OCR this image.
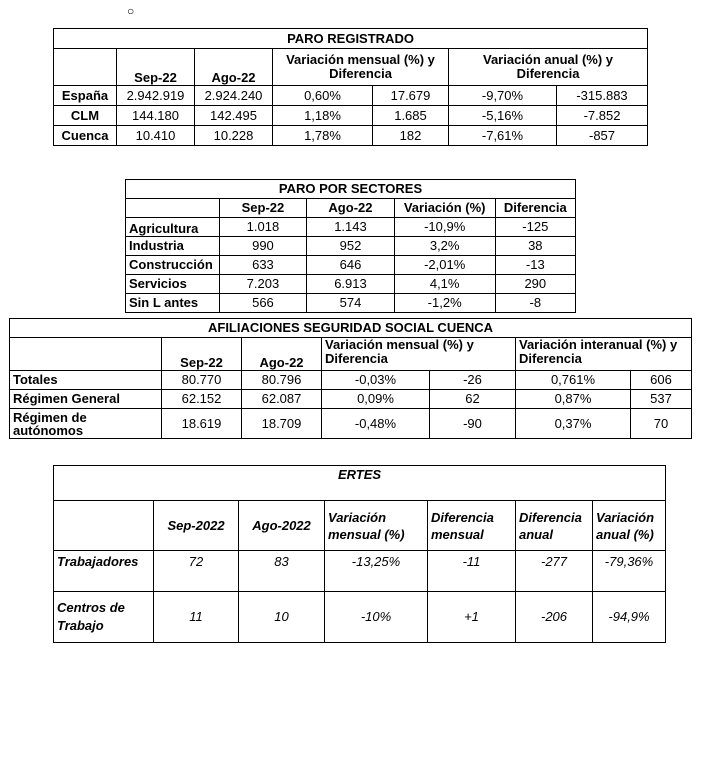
○
PARO REGISTRADO						
	Sep-22	Ago-22	Variación mensual (%) y Diferencia		Variación anual (%) y Diferencia	
España	2.942.919	2.924.240	0,60%	17.679	-9,70%	-315.883
CLM	144.180	142.495	1,18%	1.685	-5,16%	-7.852
Cuenca	10.410	10.228	1,78%	182	-7,61%	-857
PARO POR SECTORES				
	Sep-22	Ago-22	Variación (%)	Diferencia
Agricultura	1.018	1.143	-10,9%	-125
Industria	990	952	3,2%	38
Construcción	633	646	-2,01%	-13
Servicios	7.203	6.913	4,1%	290
Sin L antes	566	574	-1,2%	-8
AFILIACIONES SEGURIDAD SOCIAL CUENCA						
	Sep-22	Ago-22	Variación mensual (%) y Diferencia		Variación interanual (%) y Diferencia	
Totales	80.770	80.796	-0,03%	-26	0,761%	606
Régimen General	62.152	62.087	0,09%	62	0,87%	537
Régimen de autónomos	18.619	18.709	-0,48%	-90	0,37%	70
ERTES						
	Sep-2022	Ago-2022	Variación mensual (%)	Diferencia mensual	Diferencia anual	Variación anual (%)
Trabajadores	72	83	-13,25%	-11	-277	-79,36%
Centros de Trabajo	11	10	-10%	+1	-206	-94,9%
